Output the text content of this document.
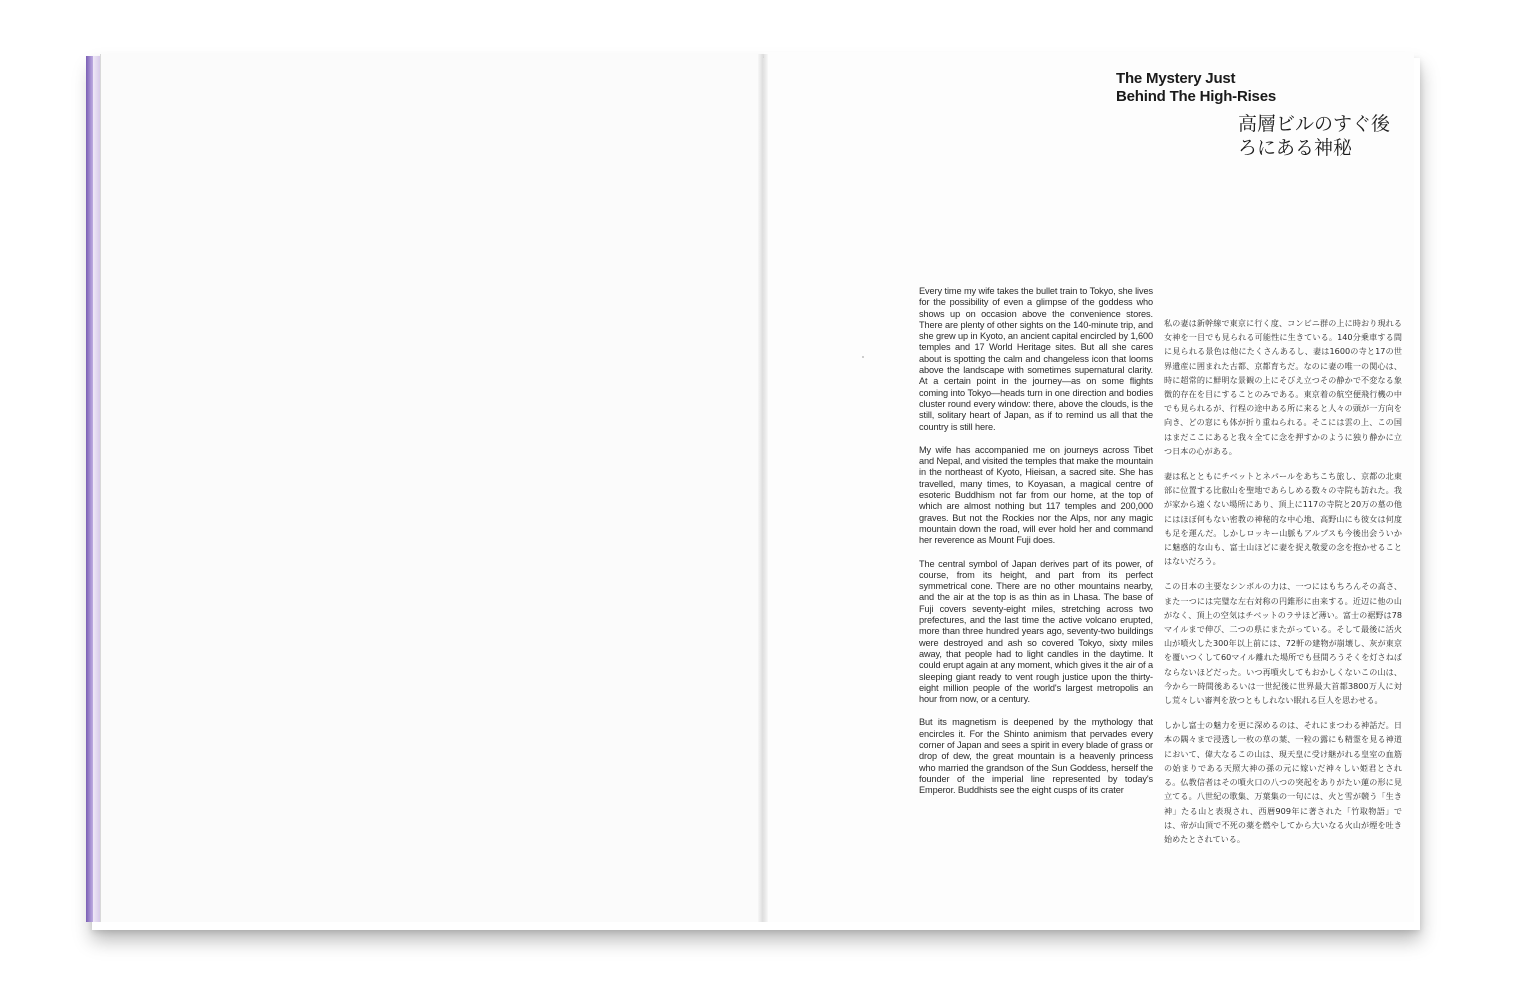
The Mystery Just
Behind The High-Rises
高層ビルのすぐ後
ろにある神秘

Every time my wife takes the bullet train to Tokyo, she lives for the possibility of even a glimpse of the goddess who shows up on occasion above the convenience stores. There are plenty of other sights on the 140-minute trip, and she grew up in Kyoto, an ancient capital encircled by 1,600 temples and 17 World Heritage sites. But all she cares about is spotting the calm and changeless icon that looms above the landscape with sometimes supernatural clarity. At a certain point in the journey—as on some flights coming into Tokyo—heads turn in one direction and bodies cluster round every window: there, above the clouds, is the still, solitary heart of Japan, as if to remind us all that the country is still here.

My wife has accompanied me on journeys across Tibet and Nepal, and visited the temples that make the mountain in the northeast of Kyoto, Hieisan, a sacred site. She has travelled, many times, to Koyasan, a magical centre of esoteric Buddhism not far from our home, at the top of which are almost nothing but 117 temples and 200,000 graves. But not the Rockies nor the Alps, nor any magic mountain down the road, will ever hold her and command her reverence as Mount Fuji does.

The central symbol of Japan derives part of its power, of course, from its height, and part from its perfect symmetrical cone. There are no other mountains nearby, and the air at the top is as thin as in Lhasa. The base of Fuji covers seventy-eight miles, stretching across two prefectures, and the last time the active volcano erupted, more than three hundred years ago, seventy-two buildings were destroyed and ash so covered Tokyo, sixty miles away, that people had to light candles in the daytime. It could erupt again at any moment, which gives it the air of a sleeping giant ready to vent rough justice upon the thirty-eight million people of the world's largest metropolis an hour from now, or a century.

But its magnetism is deepened by the mythology that encircles it. For the Shinto animism that pervades every corner of Japan and sees a spirit in every blade of grass or drop of dew, the great mountain is a heavenly princess who married the grandson of the Sun Goddess, herself the founder of the imperial line represented by today's Emperor. Buddhists see the eight cusps of its crater

私の妻は新幹線で東京に行く度、コンビニ群の上に時おり現れる女神を一目でも見られる可能性に生きている。140分乗車する間に見られる景色は他にたくさんあるし、妻は1600の寺と17の世界遺産に囲まれた古都、京都育ちだ。なのに妻の唯一の関心は、時に超常的に鮮明な景観の上にそびえ立つその静かで不変なる象徴的存在を目にすることのみである。東京着の航空便飛行機の中でも見られるが、行程の途中ある所に来ると人々の頭が一方向を向き、どの窓にも体が折り重ねられる。そこには雲の上、この国はまだここにあると我々全てに念を押すかのように独り静かに立つ日本の心がある。

妻は私とともにチベットとネパールをあちこち旅し、京都の北東部に位置する比叡山を聖地であらしめる数々の寺院も訪れた。我が家から遠くない場所にあり、頂上に117の寺院と20万の墓の他にはほぼ何もない密教の神秘的な中心地、高野山にも彼女は何度も足を運んだ。しかしロッキー山脈もアルプスも今後出会ういかに魅惑的な山も、富士山ほどに妻を捉え敬愛の念を抱かせることはないだろう。

この日本の主要なシンボルの力は、一つにはもちろんその高さ、また一つには完璧な左右対称の円錐形に由来する。近辺に他の山がなく、頂上の空気はチベットのラサほど薄い。富士の裾野は78マイルまで伸び、二つの県にまたがっている。そして最後に活火山が噴火した300年以上前には、72軒の建物が崩壊し、灰が東京を覆いつくして60マイル離れた場所でも昼間ろうそくを灯さねばならないほどだった。いつ再噴火してもおかしくないこの山は、今から一時間後あるいは一世紀後に世界最大首都3800万人に対し荒々しい審判を放つともしれない眠れる巨人を思わせる。

しかし富士の魅力を更に深めるのは、それにまつわる神話だ。日本の隅々まで浸透し一枚の草の葉、一粒の露にも精霊を見る神道において、偉大なるこの山は、現天皇に受け継がれる皇室の血筋の始まりである天照大神の孫の元に嫁いだ神々しい姫君とされる。仏教信者はその噴火口の八つの突起をありがたい蓮の形に見立てる。八世紀の歌集、万葉集の一句には、火と雪が競う「生き神」たる山と表現され、西暦909年に著された「竹取物語」では、帝が山頂で不死の薬を燃やしてから大いなる火山が煙を吐き始めたとされている。
